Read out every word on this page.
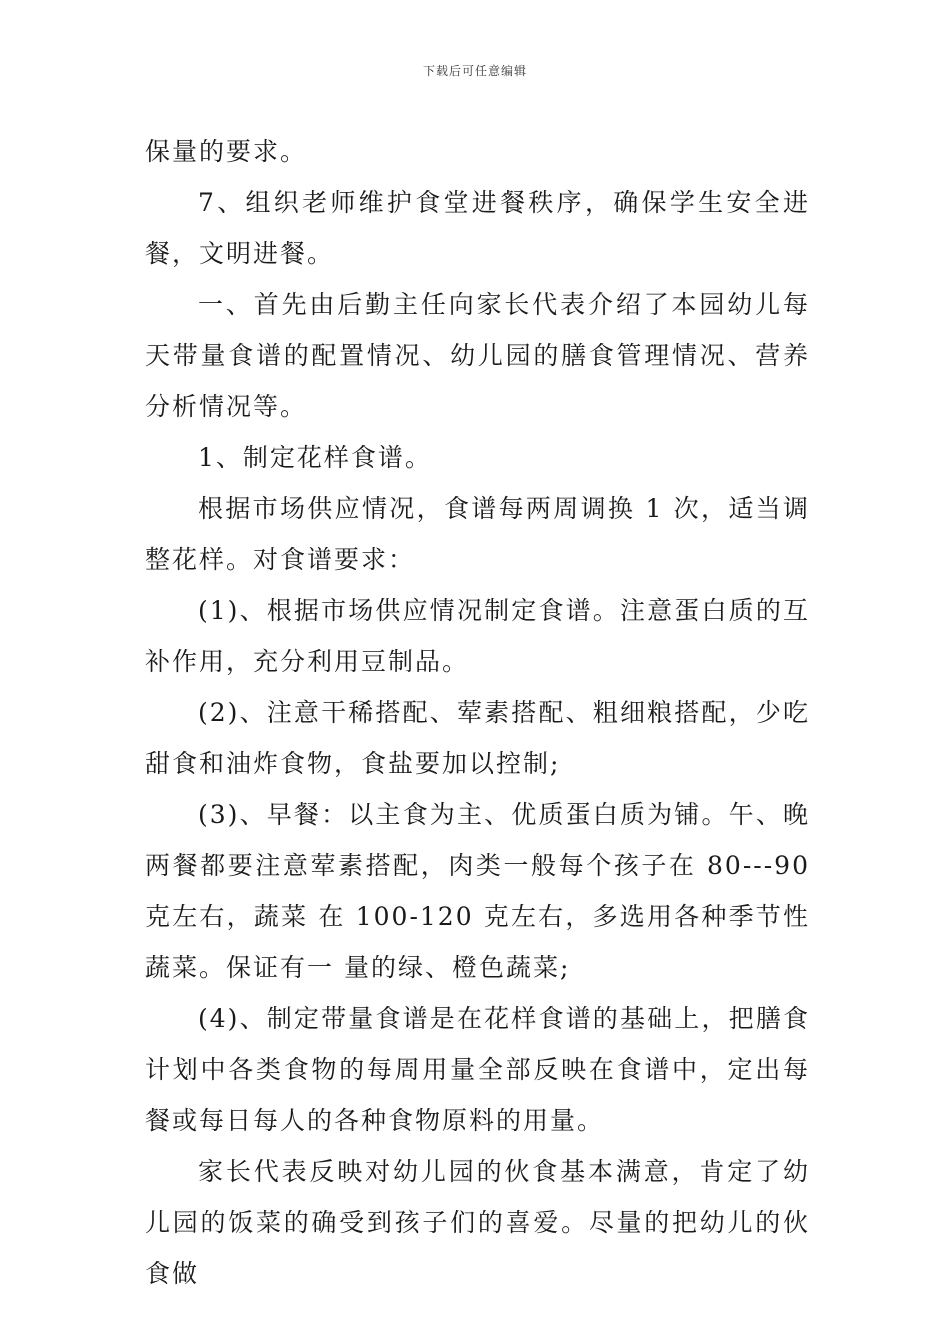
下载后可任意编辑

保量的要求。

7、组织老师维护食堂进餐秩序，确保学生安全进餐，文明进餐。

一、首先由后勤主任向家长代表介绍了本园幼儿每天带量食谱的配置情况、幼儿园的膳食管理情况、营养分析情况等。

1、制定花样食谱。

根据市场供应情况，食谱每两周调换 1 次，适当调整花样。对食谱要求：

(1)、根据市场供应情况制定食谱。注意蛋白质的互补作用，充分利用豆制品。

(2)、注意干稀搭配、荤素搭配、粗细粮搭配，少吃甜食和油炸食物，食盐要加以控制;

(3)、早餐：以主食为主、优质蛋白质为铺。午、晚两餐都要注意荤素搭配，肉类一般每个孩子在 80---90 克左右，蔬菜 在 100-120 克左右，多选用各种季节性蔬菜。保证有一 量的绿、橙色蔬菜;

(4)、制定带量食谱是在花样食谱的基础上，把膳食计划中各类食物的每周用量全部反映在食谱中，定出每餐或每日每人的各种食物原料的用量。

家长代表反映对幼儿园的伙食基本满意，肯定了幼儿园的饭菜的确受到孩子们的喜爱。尽量的把幼儿的伙食做
